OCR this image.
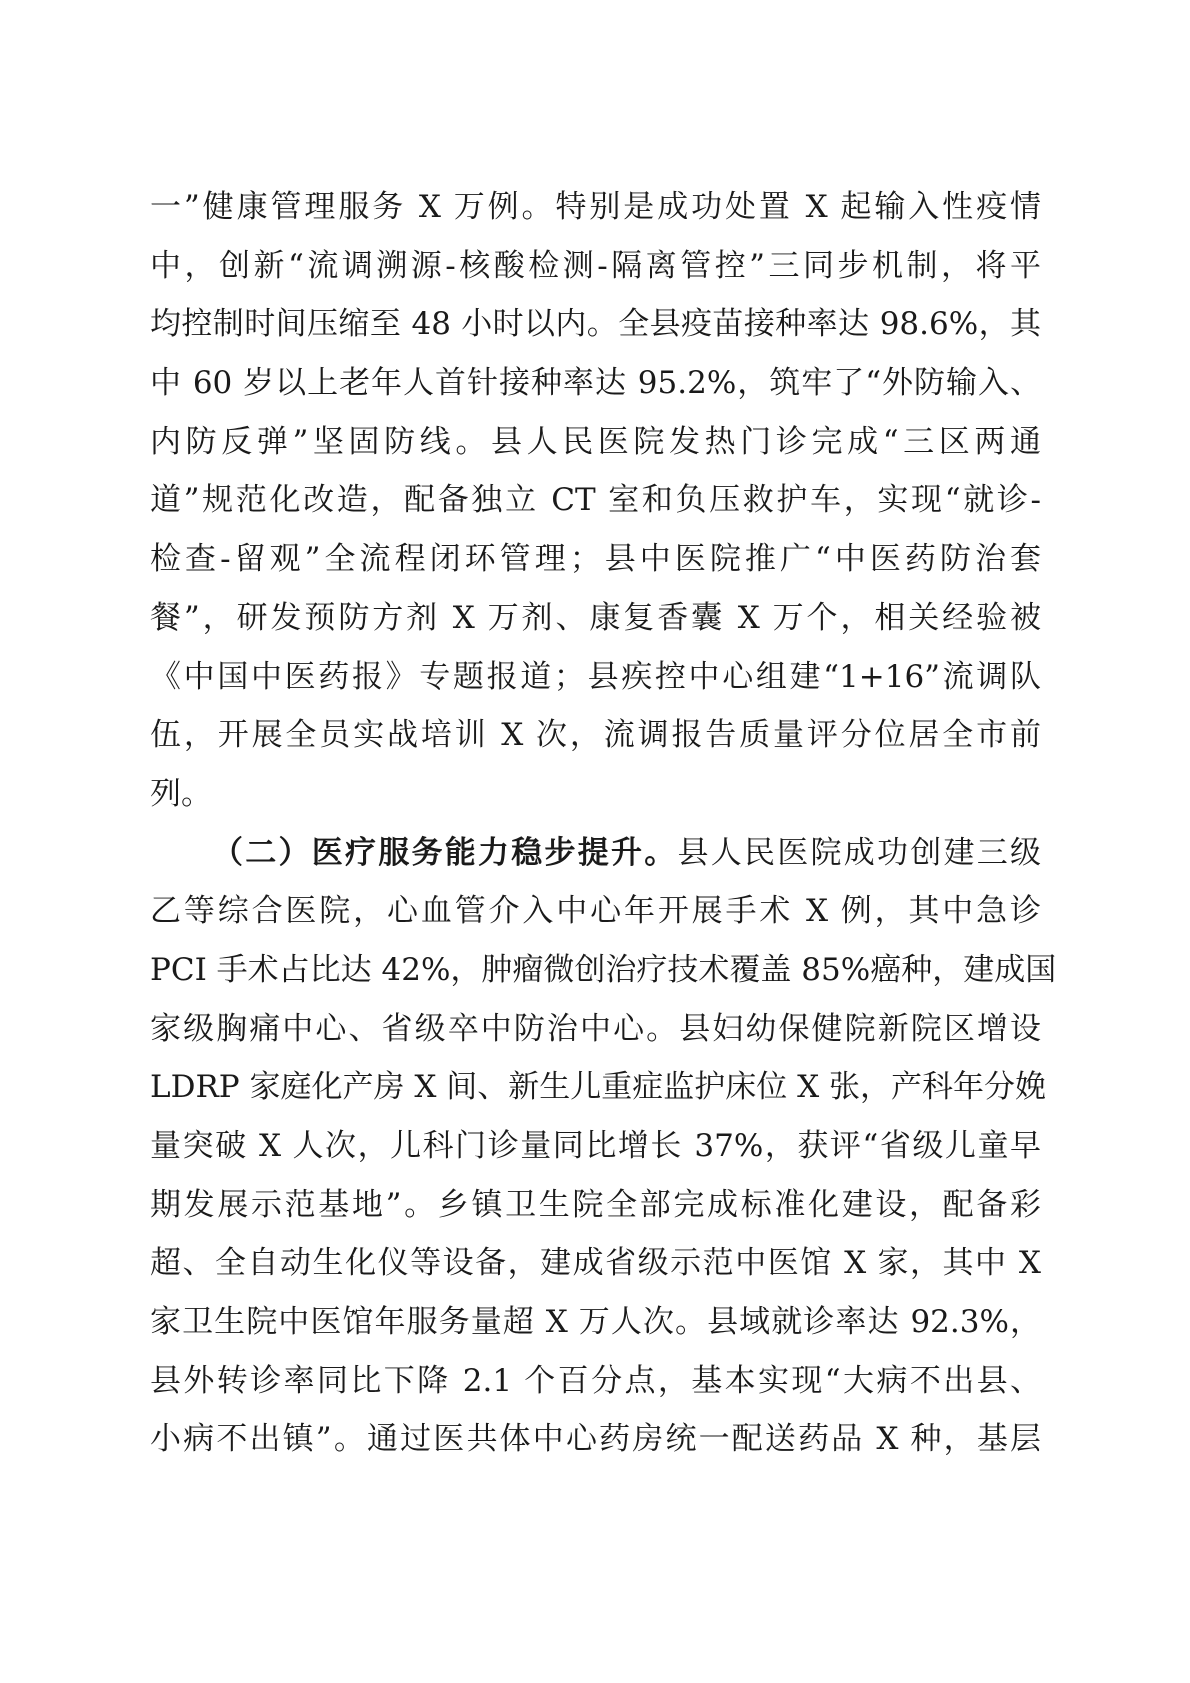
一”健康管理服务 X 万例。特别是成功处置 X 起输入性疫情
中，创新“流调溯源-核酸检测-隔离管控”三同步机制，将平
均控制时间压缩至 48 小时以内。全县疫苗接种率达 98.6%，其
中 60 岁以上老年人首针接种率达 95.2%，筑牢了“外防输入、
内防反弹”坚固防线。县人民医院发热门诊完成“三区两通
道”规范化改造，配备独立 CT 室和负压救护车，实现“就诊-
检查-留观”全流程闭环管理；县中医院推广“中医药防治套
餐”，研发预防方剂 X 万剂、康复香囊 X 万个，相关经验被
《中国中医药报》专题报道；县疾控中心组建“1+16”流调队
伍，开展全员实战培训 X 次，流调报告质量评分位居全市前
列。
（二）医疗服务能力稳步提升。县人民医院成功创建三级
乙等综合医院，心血管介入中心年开展手术 X 例，其中急诊
PCI 手术占比达 42%，肿瘤微创治疗技术覆盖 85%癌种，建成国
家级胸痛中心、省级卒中防治中心。县妇幼保健院新院区增设
LDRP 家庭化产房 X 间、新生儿重症监护床位 X 张，产科年分娩
量突破 X 人次，儿科门诊量同比增长 37%，获评“省级儿童早
期发展示范基地”。乡镇卫生院全部完成标准化建设，配备彩
超、全自动生化仪等设备，建成省级示范中医馆 X 家，其中 X
家卫生院中医馆年服务量超 X 万人次。县域就诊率达 92.3%，
县外转诊率同比下降 2.1 个百分点，基本实现“大病不出县、
小病不出镇”。通过医共体中心药房统一配送药品 X 种，基层
